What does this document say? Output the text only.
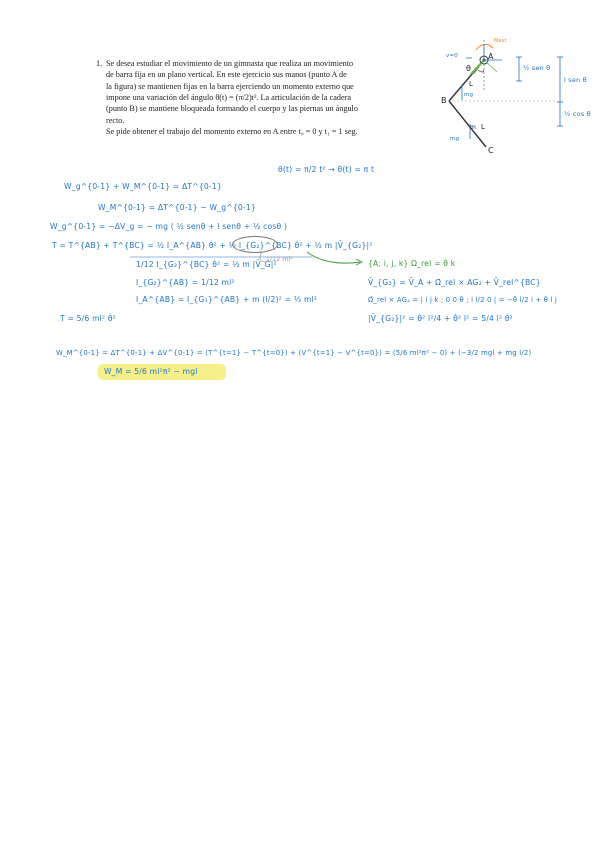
1. Se desea estudiar el movimiento de un gimnasta que realiza un movimiento

de barra fija en un plano vertical. En este ejercicio sus manos (punto A de

la figura) se mantienen fijas en la barra ejerciendo un momento externo que

impone una variación del ángulo θ(t) = (π/2)t². La articulación de la cadera

(punto B) se mantiene bloqueada formando el cuerpo y las piernas un ángulo

recto.

Se pide obtener el trabajo del momento externo en A entre t₀ = 0 y t₁ = 1 seg.

θ
A
B
C
L
L
m
mg
mg
v=0
Mext
½ sen θ
l sen θ
½ cos θ
θ(t) = π/2 t² → θ̇(t) = π t
W_g^{0-1} + W_M^{0-1} = ΔT^{0-1}
W_M^{0-1} = ΔT^{0-1} − W_g^{0-1}
W_g^{0-1} = −ΔV_g = − mg ( ½ senθ + l senθ + ½ cosθ )
T = T^{AB} + T^{BC} = ½ I_A^{AB} θ̇² + ½ I_{G₂}^{BC} θ̇² + ½ m |V̄_{G₂}|²
1/12 ml²
1/12 I_{G₂}^{BC} θ̇² = ½ m |V̄_G|²
I_{G₂}^{AB} = 1/12 ml²
I_A^{AB} = I_{G₁}^{AB} + m (l/2)² = ⅓ ml²
T = 5/6 ml² θ̇²
{A; i, j, k} Ω_rel = θ̇ k
V̄_{G₂} = V̄_A + Ω̄_rel × AG₂ + V̄_rel^{BC}
Ω̄_rel × AG₂ = | i j k ; 0 0 θ̇ ; l l/2 0 | = −θ̇ l/2 i + θ̇ l j
|V̄_{G₂}|² = θ̇² l²/4 + θ̇² l² = 5/4 l² θ̇²
W_M^{0-1} = ΔT^{0-1} + ΔV^{0-1} = (T^{t=1} − T^{t=0}) + (V^{t=1} − V^{t=0}) = (5/6 ml²π² − 0) + (−3/2 mgl + mg l/2)
W_M = 5/6 ml²π² − mgl
